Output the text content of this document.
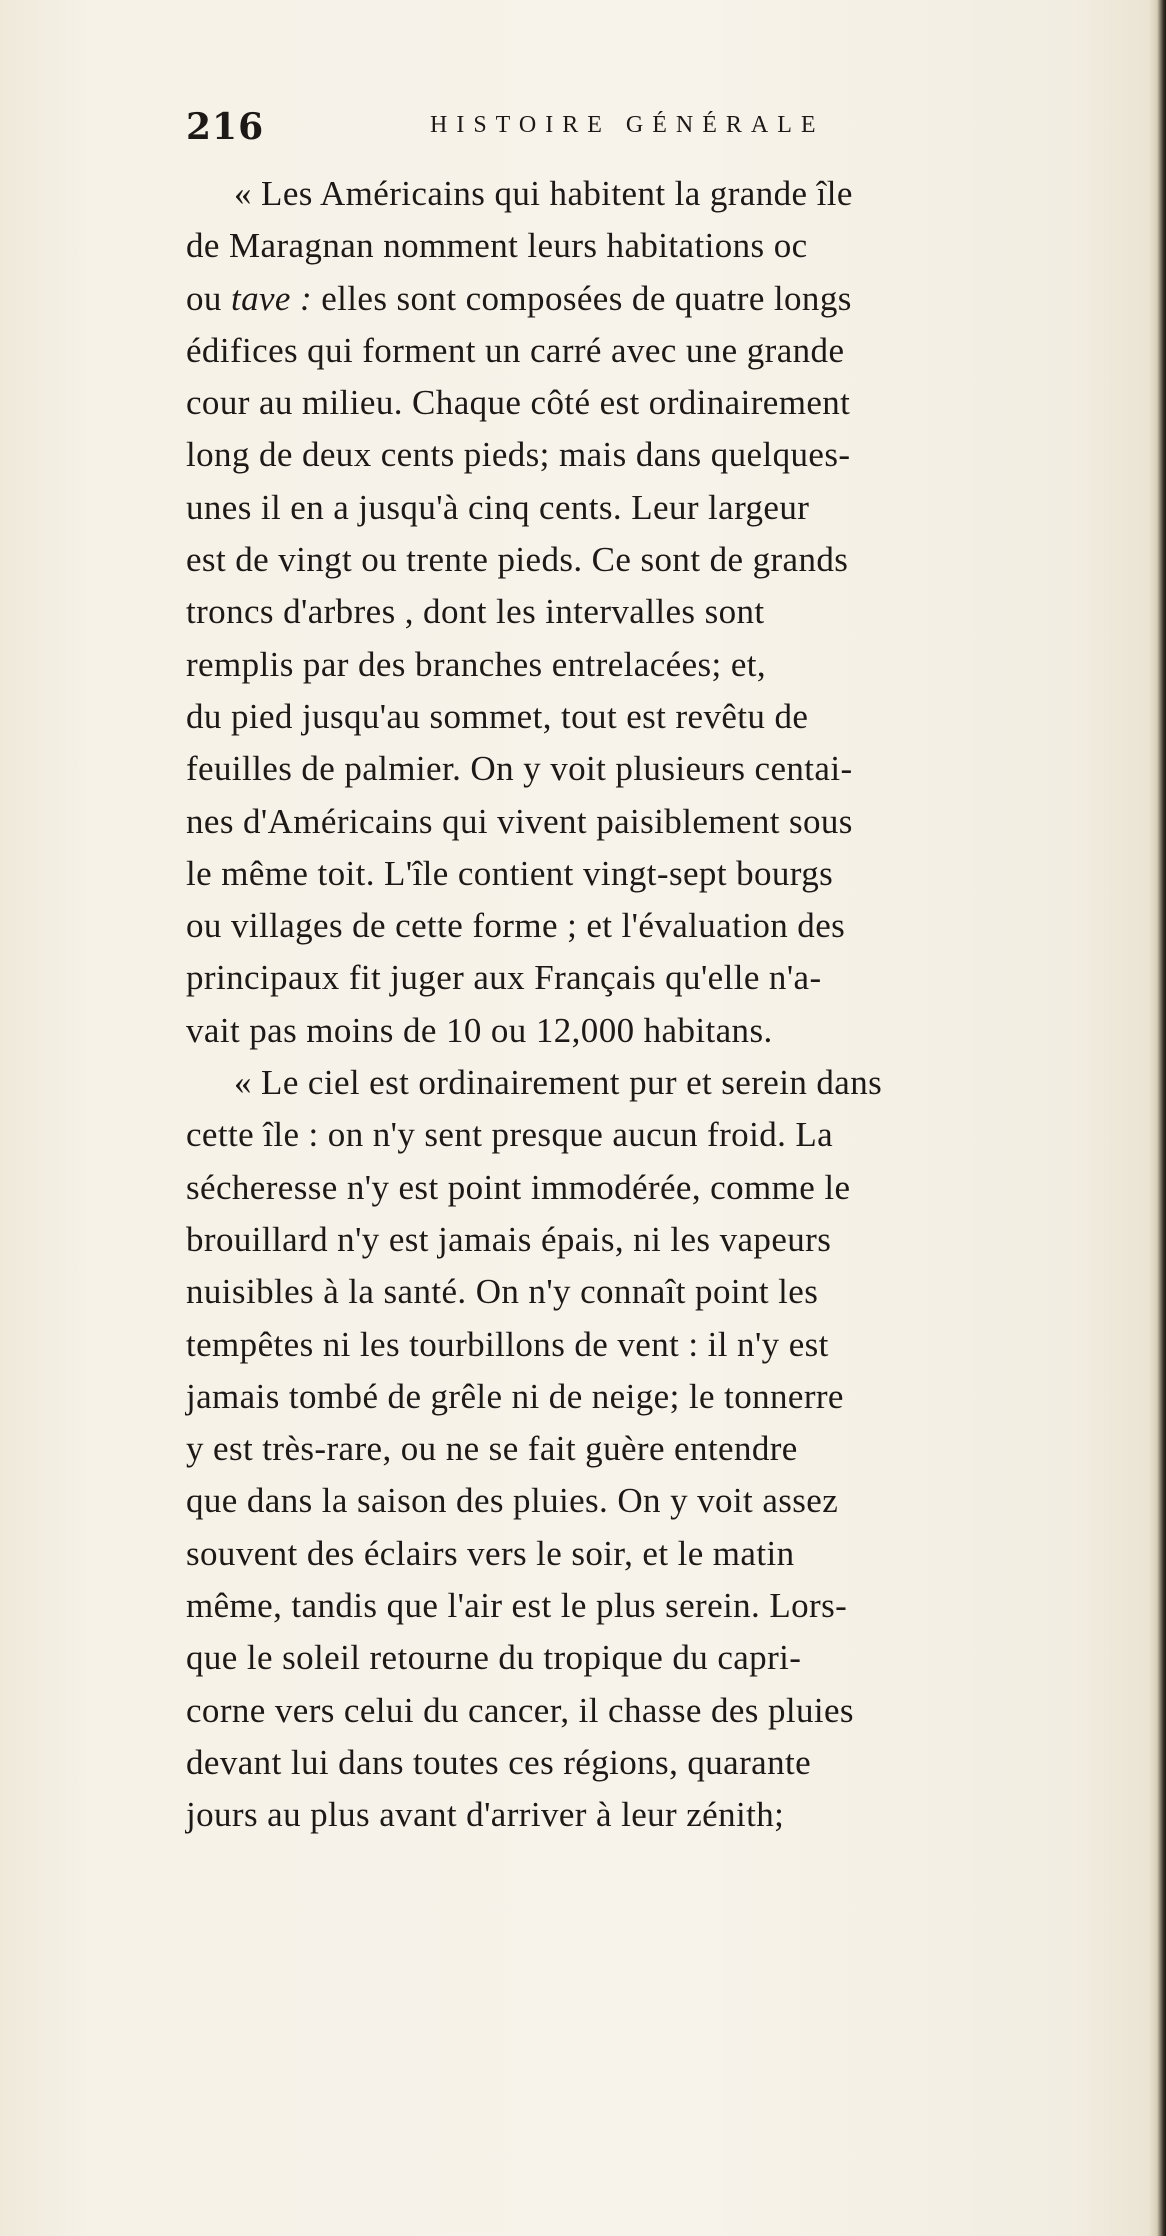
216	HISTOIRE GÉNÉRALE
« Les Américains qui habitent la grande île
de Maragnan nomment leurs habitations oc
ou tave : elles sont composées de quatre longs
édifices qui forment un carré avec une grande
cour au milieu. Chaque côté est ordinairement
long de deux cents pieds; mais dans quelques-
unes il en a jusqu'à cinq cents. Leur largeur
est de vingt ou trente pieds. Ce sont de grands
troncs d'arbres , dont les intervalles sont
remplis par des branches entrelacées; et,
du pied jusqu'au sommet, tout est revêtu de
feuilles de palmier. On y voit plusieurs centai-
nes d'Américains qui vivent paisiblement sous
le même toit. L'île contient vingt-sept bourgs
ou villages de cette forme ; et l'évaluation des
principaux fit juger aux Français qu'elle n'a-
vait pas moins de 10 ou 12,000 habitans.
« Le ciel est ordinairement pur et serein dans
cette île : on n'y sent presque aucun froid. La
sécheresse n'y est point immodérée, comme le
brouillard n'y est jamais épais, ni les vapeurs
nuisibles à la santé. On n'y connaît point les
tempêtes ni les tourbillons de vent : il n'y est
jamais tombé de grêle ni de neige; le tonnerre
y est très-rare, ou ne se fait guère entendre
que dans la saison des pluies. On y voit assez
souvent des éclairs vers le soir, et le matin
même, tandis que l'air est le plus serein. Lors-
que le soleil retourne du tropique du capri-
corne vers celui du cancer, il chasse des pluies
devant lui dans toutes ces régions, quarante
jours au plus avant d'arriver à leur zénith;
